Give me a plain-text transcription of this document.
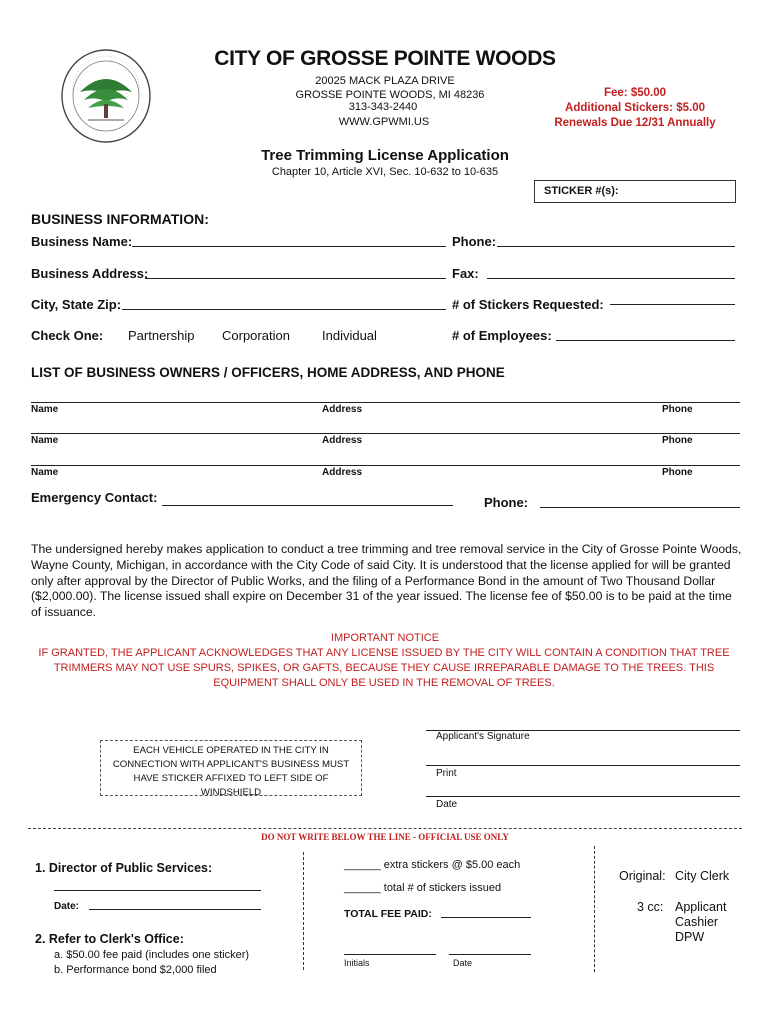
CITY OF GROSSE POINTE WOODS
20025 MACK PLAZA DRIVE
GROSSE POINTE WOODS, MI 48236
313-343-2440
WWW.GPWMI.US
Fee: $50.00
Additional Stickers: $5.00
Renewals Due 12/31 Annually
Tree Trimming License Application
Chapter 10, Article XVI, Sec. 10-632 to 10-635
STICKER #(s):
BUSINESS INFORMATION:
Business Name:	Phone:
Business Address:	Fax:
City, State Zip:	# of Stickers Requested:
Check One: Partnership Corporation Individual	# of Employees:
LIST OF BUSINESS OWNERS / OFFICERS, HOME ADDRESS, AND PHONE
Name	Address	Phone
Name	Address	Phone
Name	Address	Phone
Emergency Contact:	Phone:
The undersigned hereby makes application to conduct a tree trimming and tree removal service in the City of Grosse Pointe Woods, Wayne County, Michigan, in accordance with the City Code of said City. It is understood that the license applied for will be granted only after approval by the Director of Public Works, and the filing of a Performance Bond in the amount of Two Thousand Dollar ($2,000.00). The license issued shall expire on December 31 of the year issued. The license fee of $50.00 is to be paid at the time of issuance.
IMPORTANT NOTICE
IF GRANTED, THE APPLICANT ACKNOWLEDGES THAT ANY LICENSE ISSUED BY THE CITY WILL CONTAIN A CONDITION THAT TREE TRIMMERS MAY NOT USE SPURS, SPIKES, OR GAFTS, BECAUSE THEY CAUSE IRREPARABLE DAMAGE TO THE TREES. THIS EQUIPMENT SHALL ONLY BE USED IN THE REMOVAL OF TREES.
EACH VEHICLE OPERATED IN THE CITY IN CONNECTION WITH APPLICANT'S BUSINESS MUST HAVE STICKER AFFIXED TO LEFT SIDE OF WINDSHIELD
Applicant's Signature
Print
Date
DO NOT WRITE BELOW THE LINE - OFFICIAL USE ONLY
1. Director of Public Services:
Date:
2. Refer to Clerk's Office:
a. $50.00 fee paid (includes one sticker)
b. Performance bond $2,000 filed
______ extra stickers @ $5.00 each
______ total # of stickers issued
TOTAL FEE PAID:
Initials	Date
Original: City Clerk
3 cc: Applicant
Cashier
DPW
